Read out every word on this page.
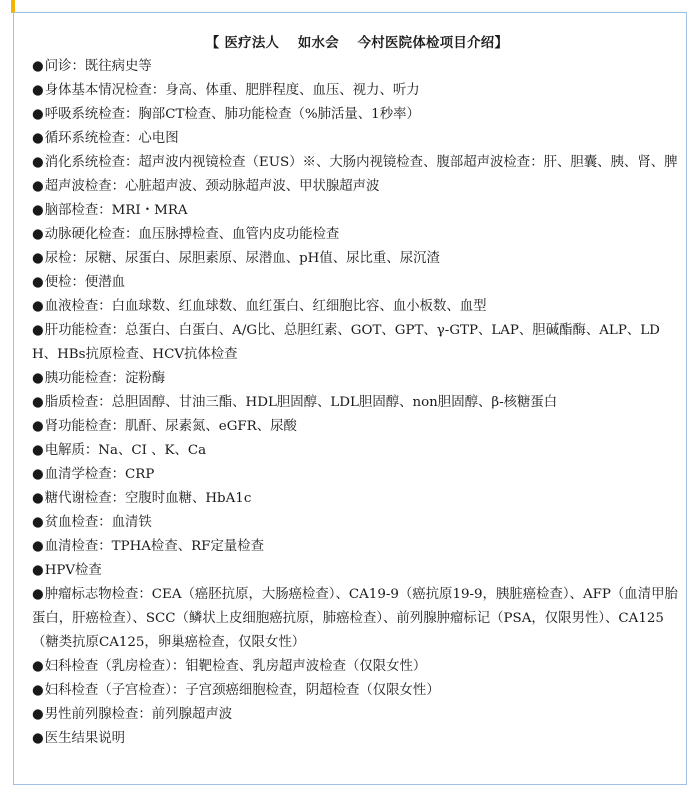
【 医疗法人　 如水会　 今村医院体检项目介绍】
●问诊：既往病史等
●身体基本情况检查：身高、体重、肥胖程度、血压、视力、听力
●呼吸系统检查：胸部CT检查、肺功能检查（%肺活量、1秒率）
●循环系统检查：心电图
●消化系统检查：超声波内视镜检查（EUS）※、大肠内视镜检查、腹部超声波检查：肝、胆囊、胰、肾、脾
●超声波检查：心脏超声波、颈动脉超声波、甲状腺超声波
●脑部检查：MRI・MRA
●动脉硬化检查：血压脉搏检查、血管内皮功能检查
●尿检：尿糖、尿蛋白、尿胆素原、尿潜血、pH值、尿比重、尿沉渣
●便检：便潜血
●血液检查：白血球数、红血球数、血红蛋白、红细胞比容、血小板数、血型
●肝功能检查：总蛋白、白蛋白、A/G比、总胆红素、GOT、GPT、γ-GTP、LAP、胆碱酯酶、ALP、LDH、HBs抗原检查、HCV抗体检查
●胰功能检查：淀粉酶
●脂质检查：总胆固醇、甘油三酯、HDL胆固醇、LDL胆固醇、non胆固醇、β-核糖蛋白
●肾功能检查：肌酐、尿素氮、eGFR、尿酸
●电解质：Na、CI 、K、Ca
●血清学检查：CRP
●糖代谢检查：空腹时血糖、HbA1c
●贫血检查：血清铁
●血清检查：TPHA检查、RF定量检查
●HPV检查
●肿瘤标志物检查：CEA（癌胚抗原，大肠癌检查）、CA19-9（癌抗原19-9，胰脏癌检查）、AFP（血清甲胎蛋白，肝癌检查）、SCC（鳞状上皮细胞癌抗原，肺癌检查）、前列腺肿瘤标记（PSA，仅限男性）、CA125（糖类抗原CA125，卵巢癌检查，仅限女性）
●妇科检查（乳房检查）：钼靶检查、乳房超声波检查（仅限女性）
●妇科检查（子宫检查）：子宫颈癌细胞检查，阴超检查（仅限女性）
●男性前列腺检查：前列腺超声波
●医生结果说明
